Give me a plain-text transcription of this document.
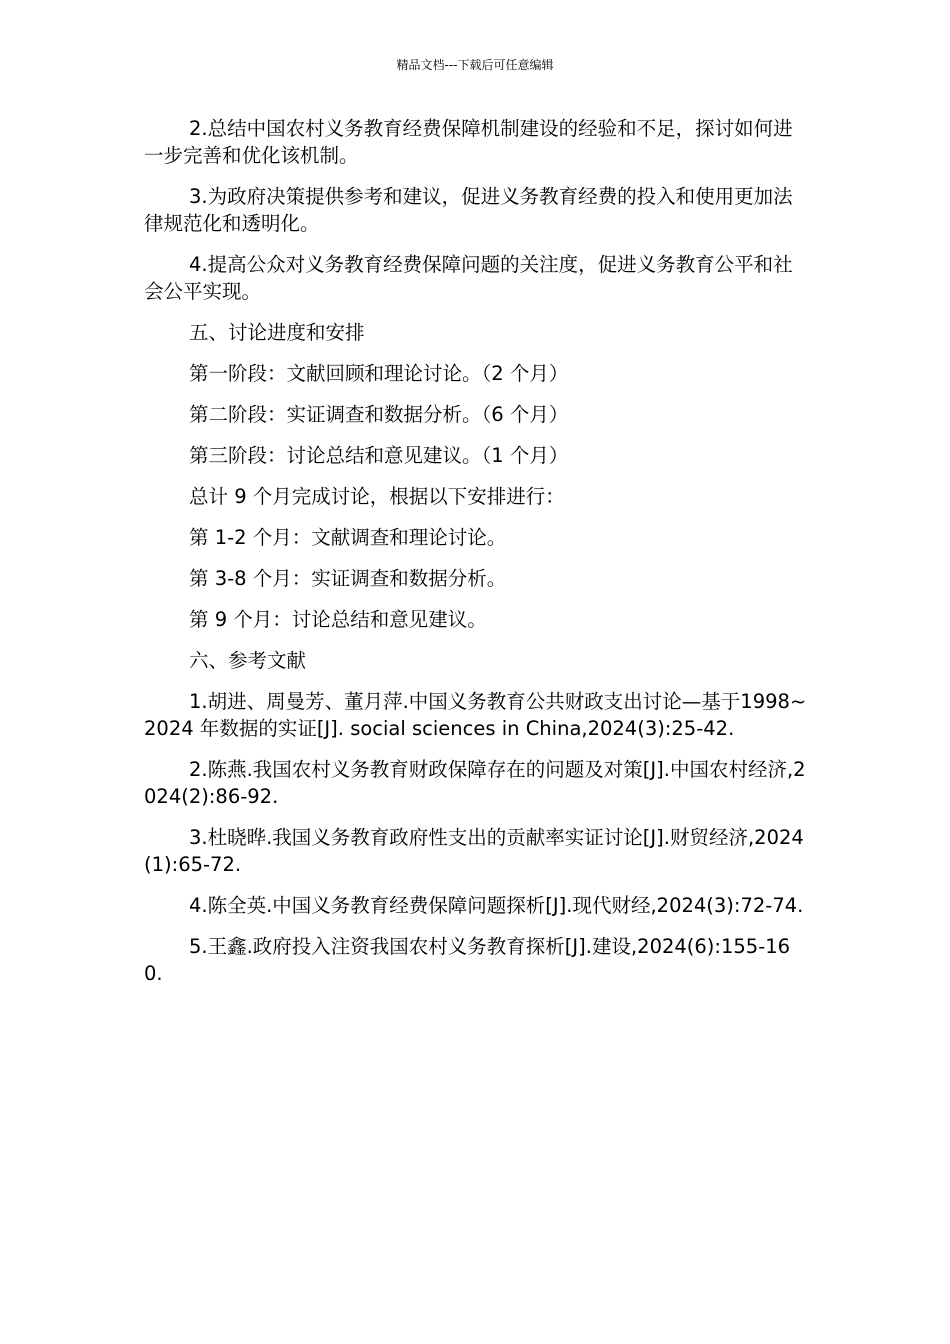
精品文档---下载后可任意编辑

2.总结中国农村义务教育经费保障机制建设的经验和不足，探讨如何进一步完善和优化该机制。

3.为政府决策提供参考和建议，促进义务教育经费的投入和使用更加法律规范化和透明化。

4.提高公众对义务教育经费保障问题的关注度，促进义务教育公平和社会公平实现。

五、讨论进度和安排

第一阶段：文献回顾和理论讨论。（2 个月）

第二阶段：实证调查和数据分析。（6 个月）

第三阶段：讨论总结和意见建议。（1 个月）

总计 9 个月完成讨论，根据以下安排进行：

第 1-2 个月：文献调查和理论讨论。

第 3-8 个月：实证调查和数据分析。

第 9 个月：讨论总结和意见建议。

六、参考文献

1.胡进、周曼芳、董月萍.中国义务教育公共财政支出讨论—基于1998~2024 年数据的实证[J]. social sciences in China,2024(3):25-42.

2.陈燕.我国农村义务教育财政保障存在的问题及对策[J].中国农村经济,2024(2):86-92.

3.杜晓晔.我国义务教育政府性支出的贡献率实证讨论[J].财贸经济,2024(1):65-72.

4.陈全英.中国义务教育经费保障问题探析[J].现代财经,2024(3):72-74.

5.王鑫.政府投入注资我国农村义务教育探析[J].建设,2024(6):155-160.
